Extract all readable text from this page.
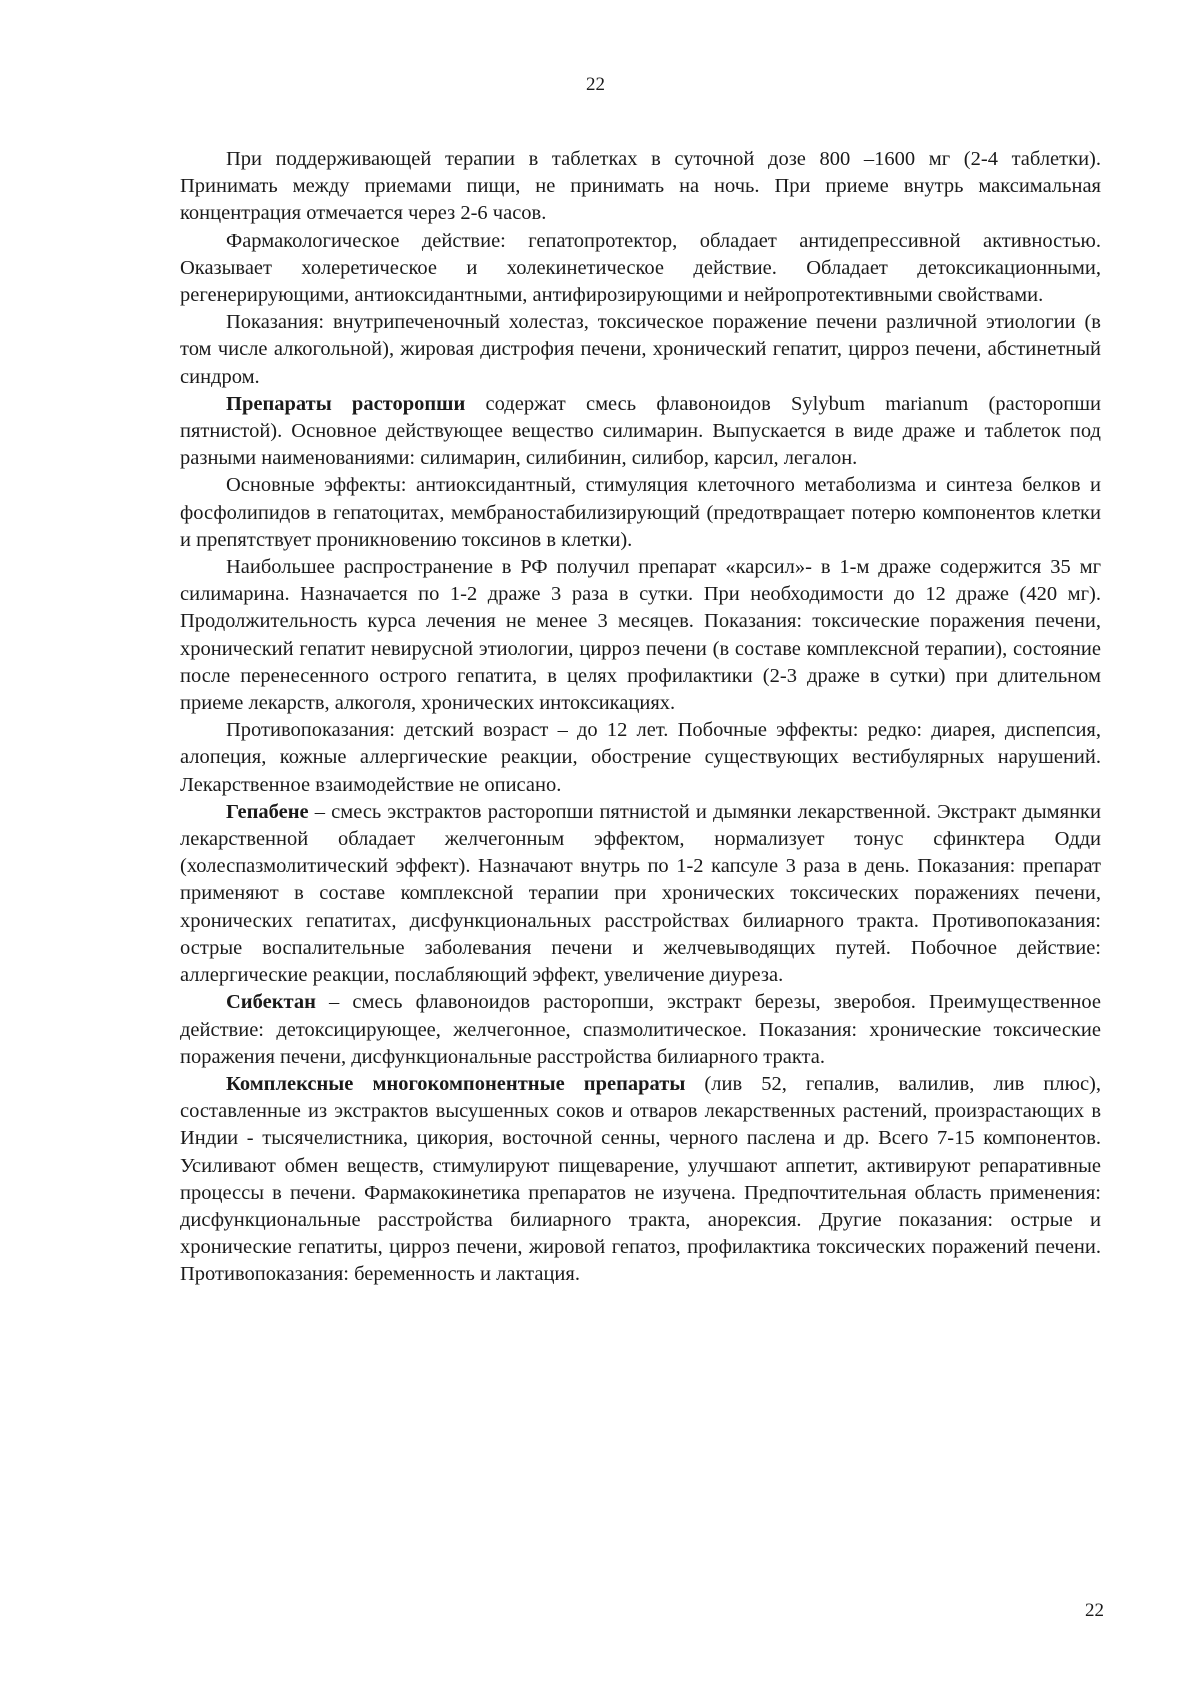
22

При поддерживающей терапии в таблетках в суточной дозе 800 –1600 мг (2-4 таблетки). Принимать между приемами пищи, не принимать на ночь. При приеме внутрь максимальная концентрация отмечается через 2-6 часов.

Фармакологическое действие: гепатопротектор, обладает антидепрессивной активностью. Оказывает холеретическое и холекинетическое действие. Обладает детоксикационными, регенерирующими, антиоксидантными, антифирозирующими и нейропротективными свойствами.

Показания: внутрипеченочный холестаз, токсическое поражение печени различной этиологии (в том числе алкогольной), жировая дистрофия печени, хронический гепатит, цирроз печени, абстинетный синдром.

Препараты расторопши содержат смесь флавоноидов Sylybum marianum (расторопши пятнистой). Основное действующее вещество силимарин. Выпускается в виде драже и таблеток под разными наименованиями: силимарин, силибинин, силибор, карсил, легалон.

Основные эффекты: антиоксидантный, стимуляция клеточного метаболизма и синтеза белков и фосфолипидов в гепатоцитах, мембраностабилизирующий (предотвращает потерю компонентов клетки и препятствует проникновению токсинов в клетки).

Наибольшее распространение в РФ получил препарат «карсил»- в 1-м драже содержится 35 мг силимарина. Назначается по 1-2 драже 3 раза в сутки. При необходимости до 12 драже (420 мг). Продолжительность курса лечения не менее 3 месяцев. Показания: токсические поражения печени, хронический гепатит невирусной этиологии, цирроз печени (в составе комплексной терапии), состояние после перенесенного острого гепатита, в целях профилактики (2-3 драже в сутки) при длительном приеме лекарств, алкоголя, хронических интоксикациях.

Противопоказания: детский возраст – до 12 лет. Побочные эффекты: редко: диарея, диспепсия, алопеция, кожные аллергические реакции, обострение существующих вестибулярных нарушений. Лекарственное взаимодействие не описано.

Гепабене – смесь экстрактов расторопши пятнистой и дымянки лекарственной. Экстракт дымянки лекарственной обладает желчегонным эффектом, нормализует тонус сфинктера Одди (холеспазмолитический эффект). Назначают внутрь по 1-2 капсуле 3 раза в день. Показания: препарат применяют в составе комплексной терапии при хронических токсических поражениях печени, хронических гепатитах, дисфункциональных расстройствах билиарного тракта. Противопоказания: острые воспалительные заболевания печени и желчевыводящих путей. Побочное действие: аллергические реакции, послабляющий эффект, увеличение диуреза.

Сибектан – смесь флавоноидов расторопши, экстракт березы, зверобоя. Преимущественное действие: детоксицирующее, желчегонное, спазмолитическое. Показания: хронические токсические поражения печени, дисфункциональные расстройства билиарного тракта.

Комплексные многокомпонентные препараты (лив 52, гепалив, валилив, лив плюс), составленные из экстрактов высушенных соков и отваров лекарственных растений, произрастающих в Индии - тысячелистника, цикория, восточной сенны, черного паслена и др. Всего 7-15 компонентов. Усиливают обмен веществ, стимулируют пищеварение, улучшают аппетит, активируют репаративные процессы в печени. Фармакокинетика препаратов не изучена. Предпочтительная область применения: дисфункциональные расстройства билиарного тракта, анорексия. Другие показания: острые и хронические гепатиты, цирроз печени, жировой гепатоз, профилактика токсических поражений печени. Противопоказания: беременность и лактация.

22
